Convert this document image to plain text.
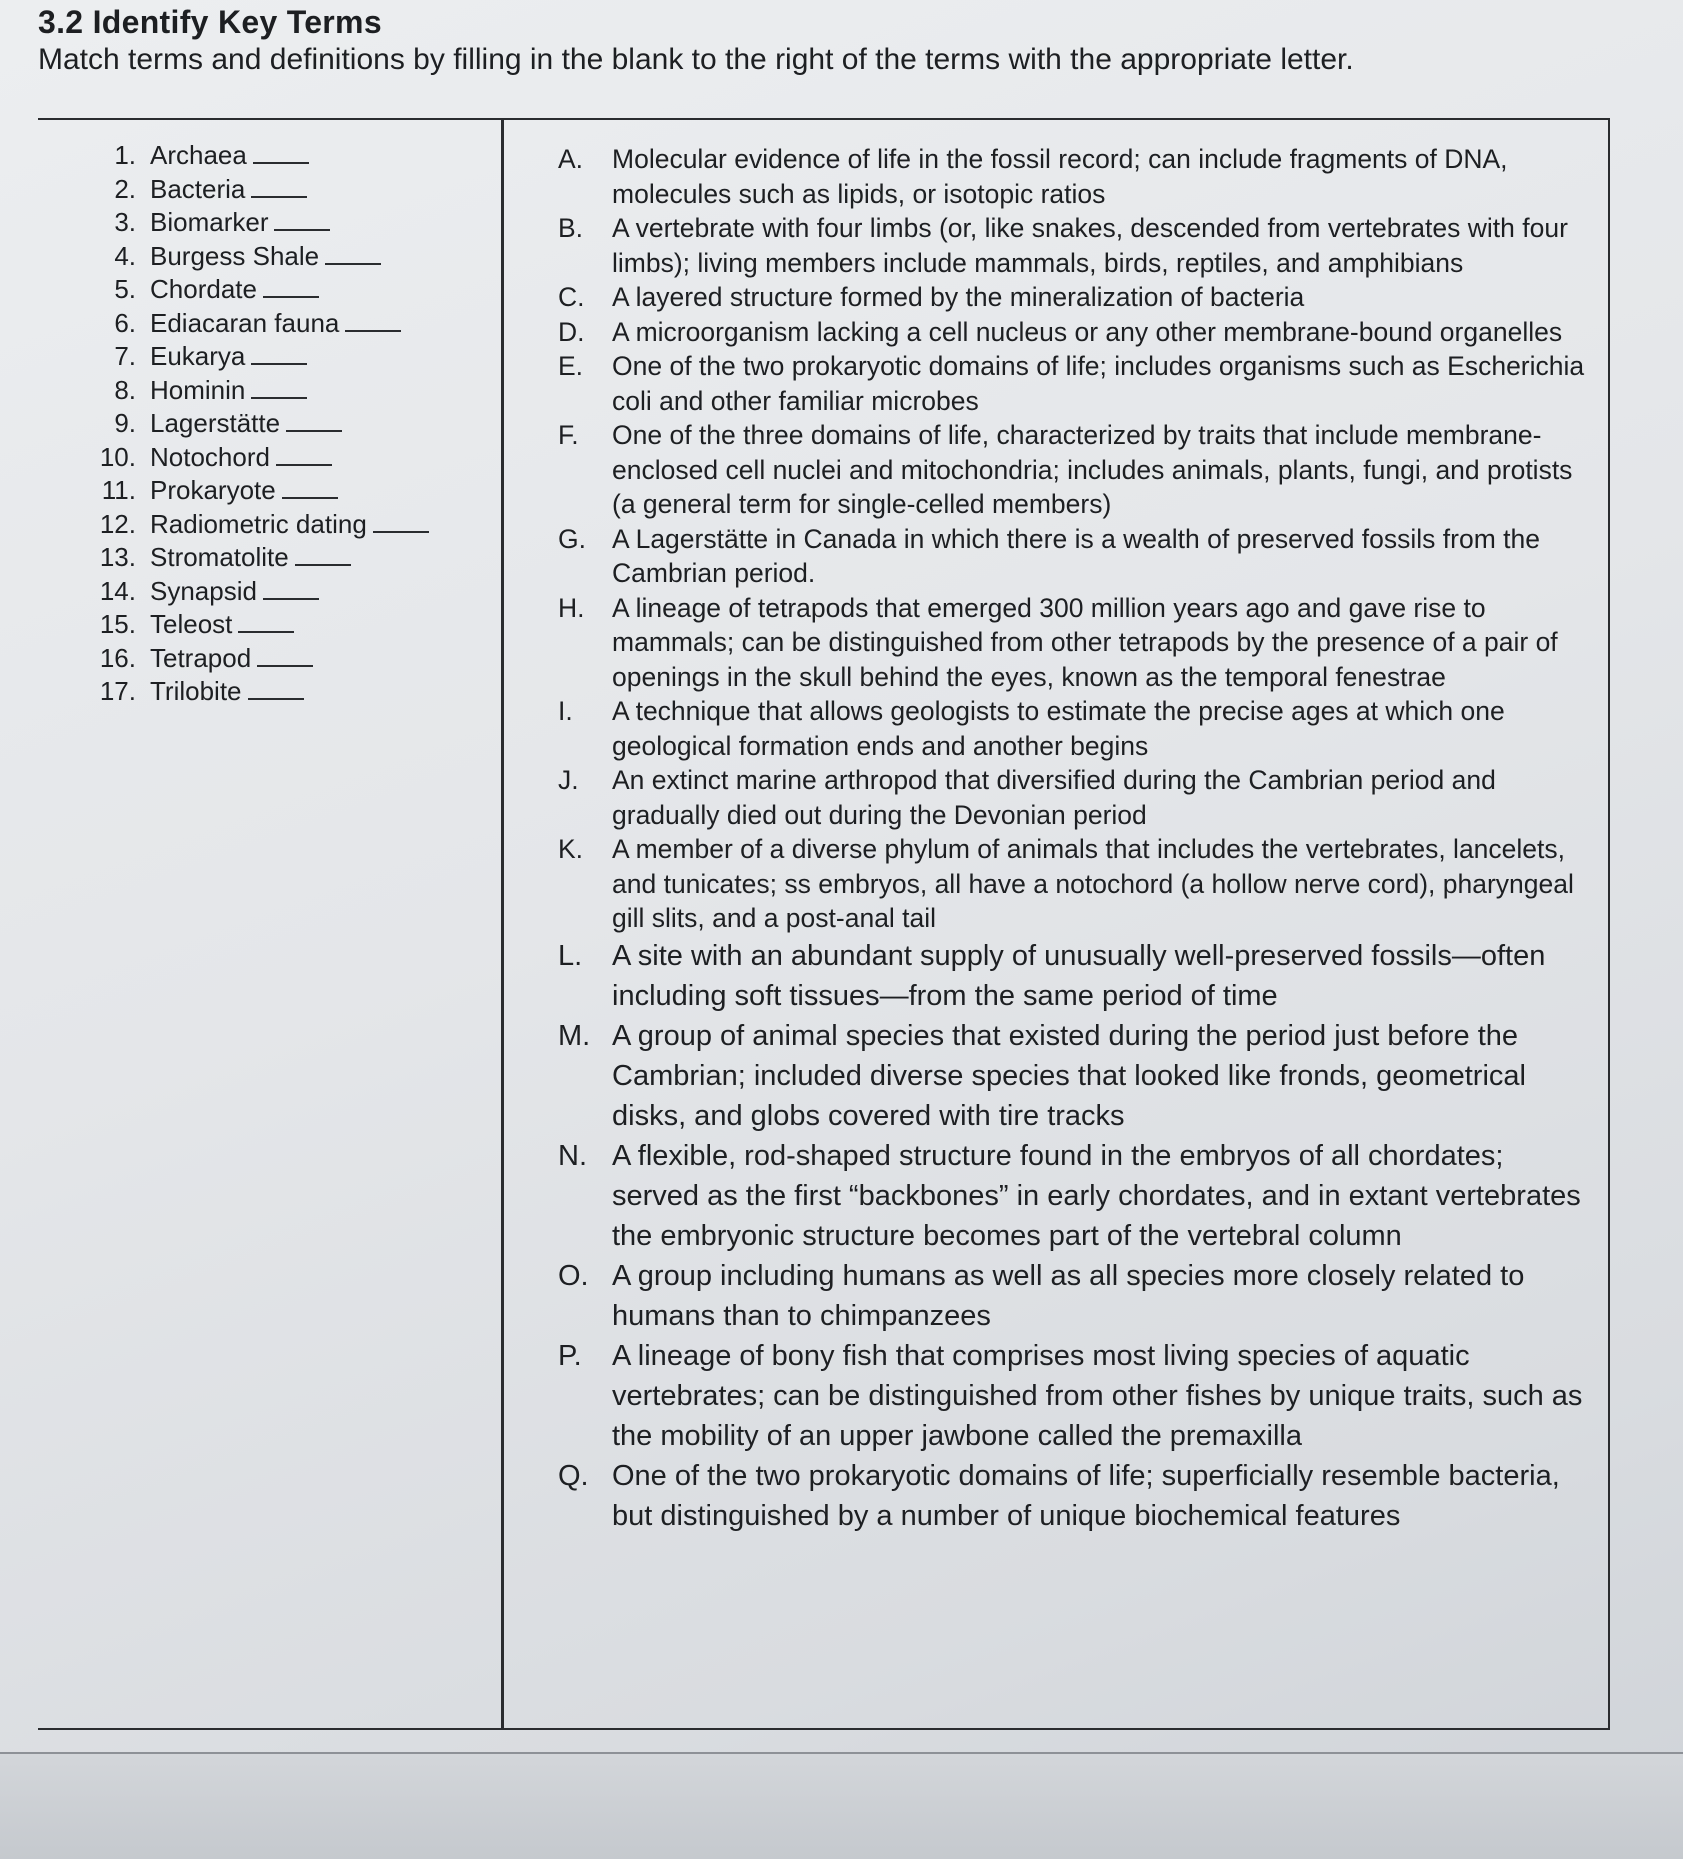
3.2 Identify Key Terms
Match terms and definitions by filling in the blank to the right of the terms with the appropriate letter.
1. Archaea
2. Bacteria
3. Biomarker
4. Burgess Shale
5. Chordate
6. Ediacaran fauna
7. Eukarya
8. Hominin
9. Lagerstätte
10. Notochord
11. Prokaryote
12. Radiometric dating
13. Stromatolite
14. Synapsid
15. Teleost
16. Tetrapod
17. Trilobite
A.	Molecular evidence of life in the fossil record; can include fragments of DNA, molecules such as lipids, or isotopic ratios
B.	A vertebrate with four limbs (or, like snakes, descended from vertebrates with four limbs); living members include mammals, birds, reptiles, and amphibians
C.	A layered structure formed by the mineralization of bacteria
D.	A microorganism lacking a cell nucleus or any other membrane-bound organelles
E.	One of the two prokaryotic domains of life; includes organisms such as Escherichia coli and other familiar microbes
F.	One of the three domains of life, characterized by traits that include membrane-enclosed cell nuclei and mitochondria; includes animals, plants, fungi, and protists (a general term for single-celled members)
G. A Lagerstätte in Canada in which there is a wealth of preserved fossils from the Cambrian period.
H.	A lineage of tetrapods that emerged 300 million years ago and gave rise to mammals; can be distinguished from other tetrapods by the presence of a pair of openings in the skull behind the eyes, known as the temporal fenestrae
I.	A technique that allows geologists to estimate the precise ages at which one geological formation ends and another begins
J.	An extinct marine arthropod that diversified during the Cambrian period and gradually died out during the Devonian period
K.	A member of a diverse phylum of animals that includes the vertebrates, lancelets, and tunicates; ss embryos, all have a notochord (a hollow nerve cord), pharyngeal gill slits, and a post-anal tail
L.	A site with an abundant supply of unusually well-preserved fossils—often including soft tissues—from the same period of time
M. A group of animal species that existed during the period just before the Cambrian; included diverse species that looked like fronds, geometrical disks, and globs covered with tire tracks
N. A flexible, rod-shaped structure found in the embryos of all chordates; served as the first “backbones” in early chordates, and in extant vertebrates the embryonic structure becomes part of the vertebral column
O. A group including humans as well as all species more closely related to humans than to chimpanzees
P.	A lineage of bony fish that comprises most living species of aquatic vertebrates; can be distinguished from other fishes by unique traits, such as the mobility of an upper jawbone called the premaxilla
Q. One of the two prokaryotic domains of life; superficially resemble bacteria, but distinguished by a number of unique biochemical features
